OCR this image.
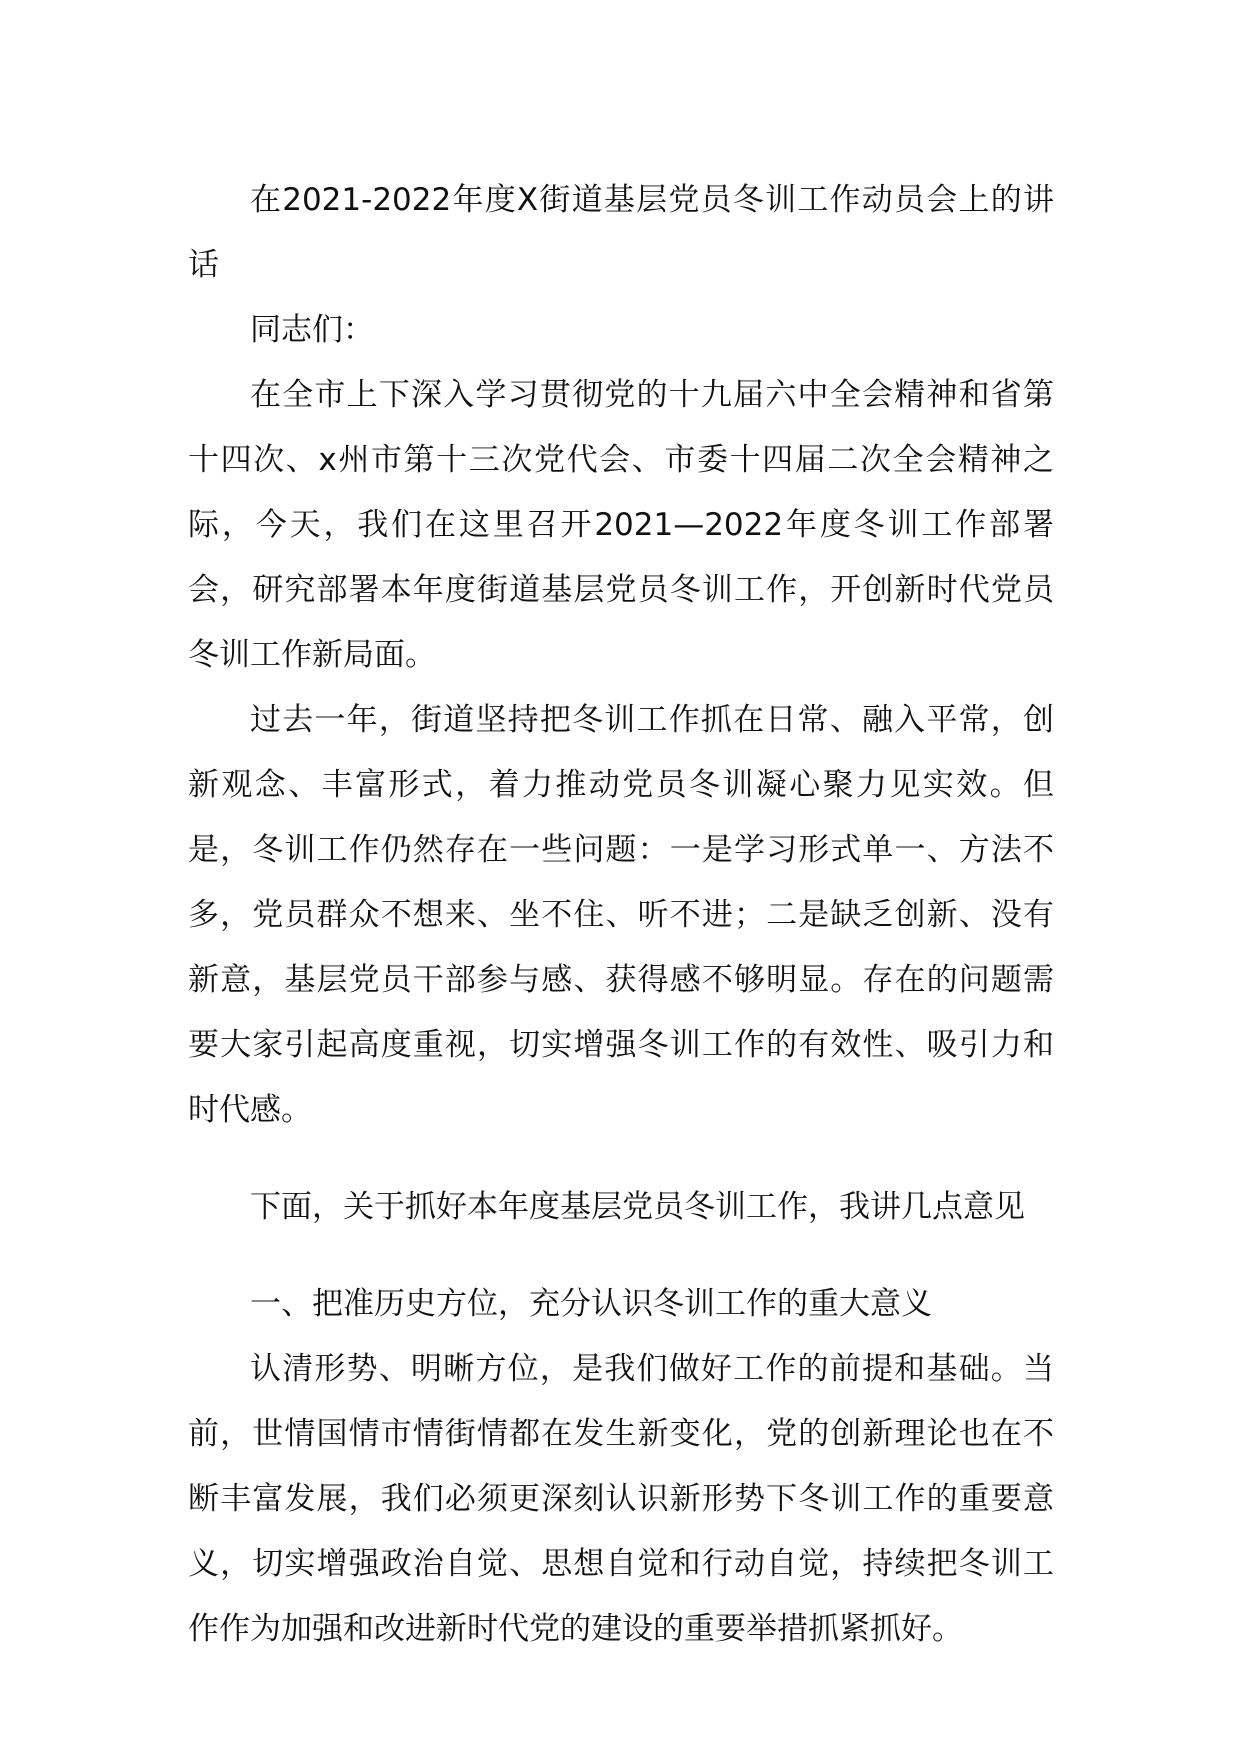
在2021-2022年度X街道基层党员冬训工作动员会上的讲话

同志们：

在全市上下深入学习贯彻党的十九届六中全会精神和省第十四次、x州市第十三次党代会、市委十四届二次全会精神之际，今天，我们在这里召开2021—2022年度冬训工作部署会，研究部署本年度街道基层党员冬训工作，开创新时代党员冬训工作新局面。

过去一年，街道坚持把冬训工作抓在日常、融入平常，创新观念、丰富形式，着力推动党员冬训凝心聚力见实效。但是，冬训工作仍然存在一些问题：一是学习形式单一、方法不多，党员群众不想来、坐不住、听不进；二是缺乏创新、没有新意，基层党员干部参与感、获得感不够明显。存在的问题需要大家引起高度重视，切实增强冬训工作的有效性、吸引力和时代感。

下面，关于抓好本年度基层党员冬训工作，我讲几点意见

一、把准历史方位，充分认识冬训工作的重大意义

认清形势、明晰方位，是我们做好工作的前提和基础。当前，世情国情市情街情都在发生新变化，党的创新理论也在不断丰富发展，我们必须更深刻认识新形势下冬训工作的重要意义，切实增强政治自觉、思想自觉和行动自觉，持续把冬训工作作为加强和改进新时代党的建设的重要举措抓紧抓好。
